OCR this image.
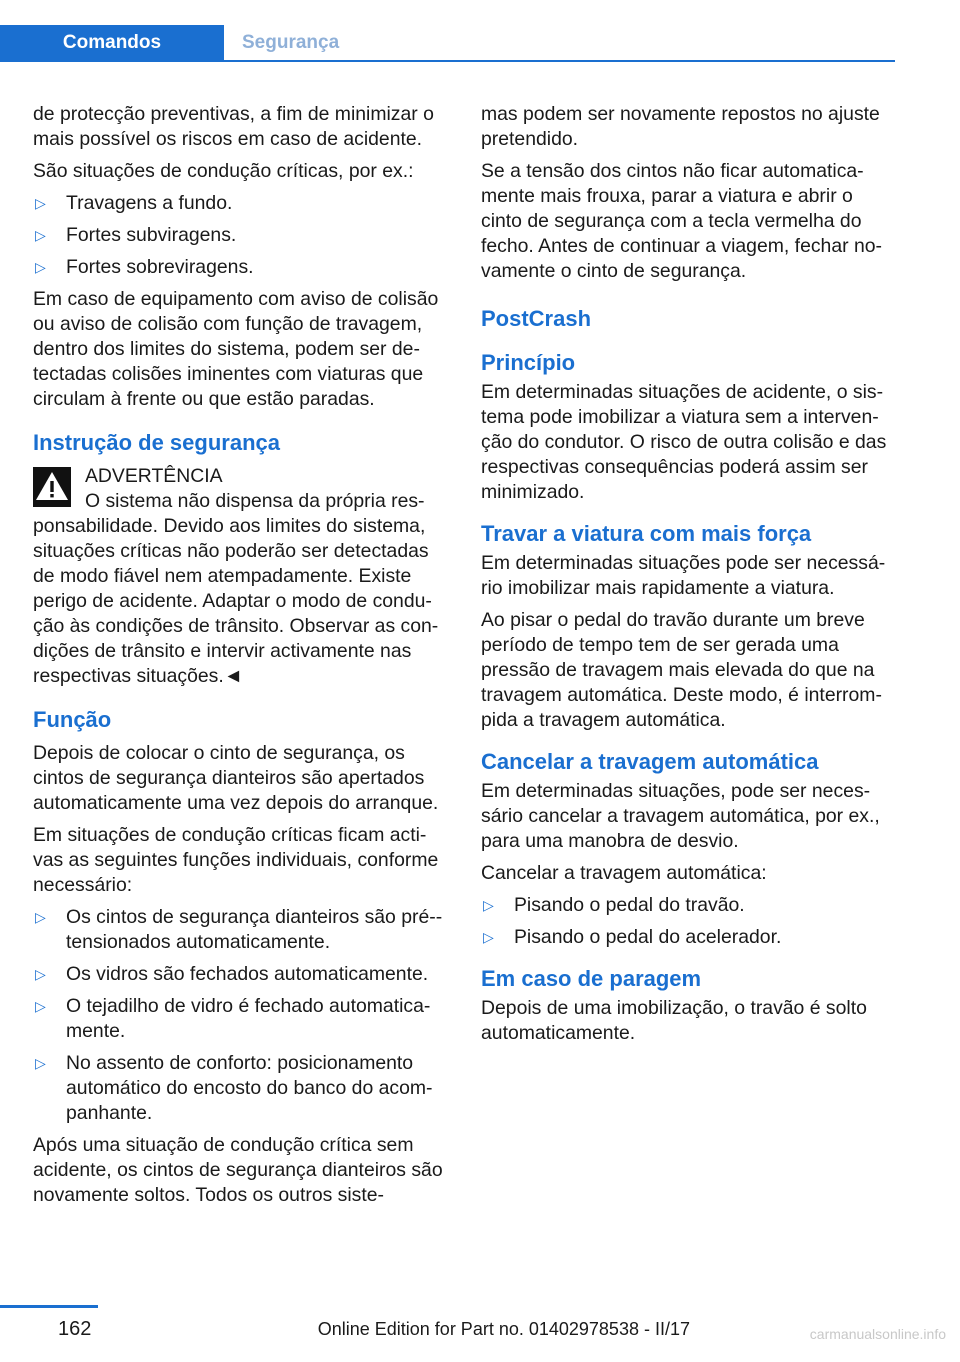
Comandos	Segurança

de protecção preventivas, a fim de minimizar o mais possível os riscos em caso de acidente.

São situações de condução críticas, por ex.:

▷	Travagens a fundo.
▷	Fortes subviragens.
▷	Fortes sobreviragens.

Em caso de equipamento com aviso de colisão ou aviso de colisão com função de travagem, dentro dos limites do sistema, podem ser de-tectadas colisões iminentes com viaturas que circulam à frente ou que estão paradas.

Instrução de segurança
ADVERTÊNCIA
O sistema não dispensa da própria res-
ponsabilidade. Devido aos limites do sistema, situações críticas não poderão ser detectadas de modo fiável nem atempadamente. Existe perigo de acidente. Adaptar o modo de condu-ção às condições de trânsito. Observar as con-dições de trânsito e intervir activamente nas respectivas situações.◄
Função

Depois de colocar o cinto de segurança, os cintos de segurança dianteiros são apertados automaticamente uma vez depois do arranque.

Em situações de condução críticas ficam acti-vas as seguintes funções individuais, conforme necessário:

▷	Os cintos de segurança dianteiros são pré--tensionados automaticamente.
▷	Os vidros são fechados automaticamente.
▷	O tejadilho de vidro é fechado automatica-mente.
▷	No assento de conforto: posicionamento automático do encosto do banco do acom-panhante.

Após uma situação de condução crítica sem acidente, os cintos de segurança dianteiros são novamente soltos. Todos os outros siste-

mas podem ser novamente repostos no ajuste pretendido.

Se a tensão dos cintos não ficar automatica-mente mais frouxa, parar a viatura e abrir o cinto de segurança com a tecla vermelha do fecho. Antes de continuar a viagem, fechar no-vamente o cinto de segurança.

PostCrash
Princípio

Em determinadas situações de acidente, o sis-tema pode imobilizar a viatura sem a interven-ção do condutor. O risco de outra colisão e das respectivas consequências poderá assim ser minimizado.

Travar a viatura com mais força

Em determinadas situações pode ser necessá-rio imobilizar mais rapidamente a viatura.

Ao pisar o pedal do travão durante um breve período de tempo tem de ser gerada uma pressão de travagem mais elevada do que na travagem automática. Deste modo, é interrom-pida a travagem automática.

Cancelar a travagem automática

Em determinadas situações, pode ser neces-sário cancelar a travagem automática, por ex., para uma manobra de desvio.

Cancelar a travagem automática:

▷	Pisando o pedal do travão.
▷	Pisando o pedal do acelerador.
Em caso de paragem

Depois de uma imobilização, o travão é solto automaticamente.

162	Online Edition for Part no. 01402978538 - II/17	carmanualsonline.info
